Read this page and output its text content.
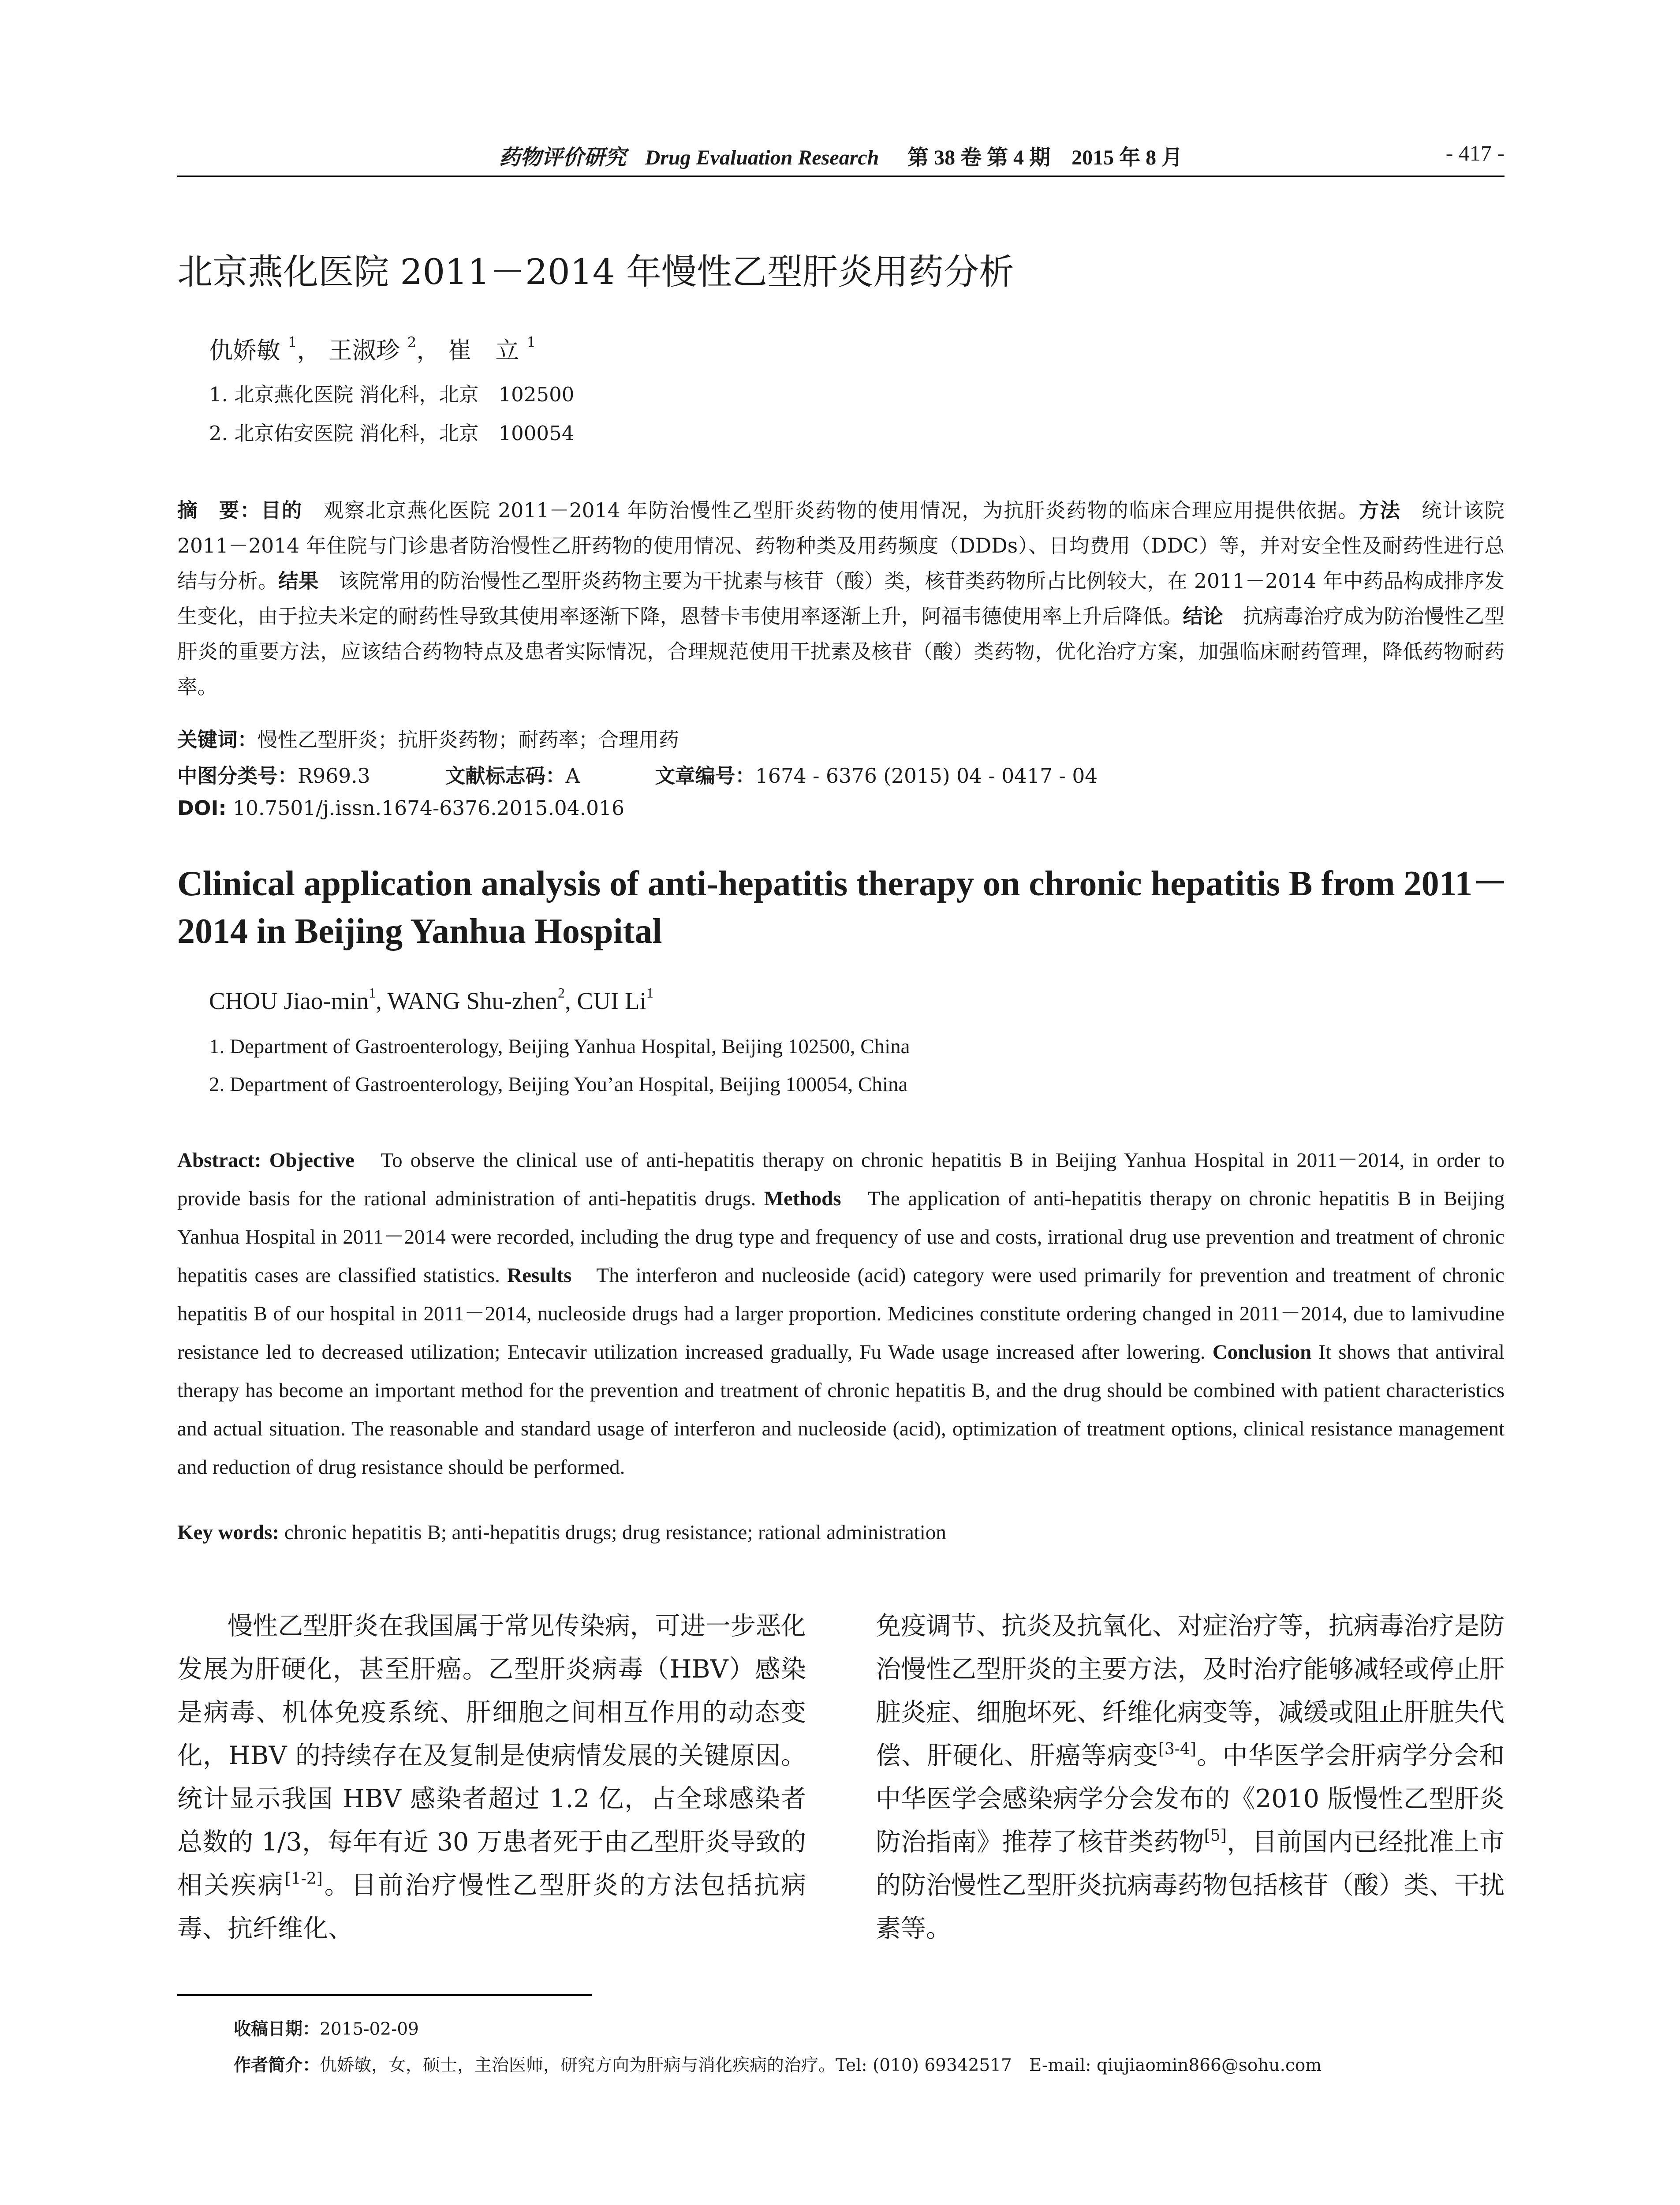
药物评价研究 Drug Evaluation Research 第 38 卷 第 4 期　2015 年 8 月	- 417 -
北京燕化医院 2011－2014 年慢性乙型肝炎用药分析
仇娇敏 $^1$， 王淑珍 $^2$， 崔　立 $^1$
1. 北京燕化医院 消化科，北京　102500
2. 北京佑安医院 消化科，北京　100054

摘　要：目的　观察北京燕化医院 2011－2014 年防治慢性乙型肝炎药物的使用情况，为抗肝炎药物的临床合理应用提供依据。方法　统计该院 2011－2014 年住院与门诊患者防治慢性乙肝药物的使用情况、药物种类及用药频度（DDDs）、日均费用（DDC）等，并对安全性及耐药性进行总结与分析。结果　该院常用的防治慢性乙型肝炎药物主要为干扰素与核苷（酸）类，核苷类药物所占比例较大，在 2011－2014 年中药品构成排序发生变化，由于拉夫米定的耐药性导致其使用率逐渐下降，恩替卡韦使用率逐渐上升，阿福韦德使用率上升后降低。结论　抗病毒治疗成为防治慢性乙型肝炎的重要方法，应该结合药物特点及患者实际情况，合理规范使用干扰素及核苷（酸）类药物，优化治疗方案，加强临床耐药管理，降低药物耐药率。

关键词：慢性乙型肝炎；抗肝炎药物；耐药率；合理用药
中图分类号：R969.3	文献标志码：A	文章编号：1674 - 6376 (2015) 04 - 0417 - 04
DOI: 10.7501/j.issn.1674-6376.2015.04.016

Clinical application analysis of anti-hepatitis therapy on chronic hepatitis B from 2011－2014 in Beijing Yanhua Hospital

CHOU Jiao-$\min^1$, WANG Shu-zhen$^2$, CUI Li$^1$
1. Department of Gastroenterology, Beijing Yanhua Hospital, Beijing 102500, China
2. Department of Gastroenterology, Beijing You’an Hospital, Beijing 100054, China

Abstract: Objective　To observe the clinical use of anti-hepatitis therapy on chronic hepatitis B in Beijing Yanhua Hospital in 2011－2014, in order to provide basis for the rational administration of anti-hepatitis drugs. Methods　The application of anti-hepatitis therapy on chronic hepatitis B in Beijing Yanhua Hospital in 2011－2014 were recorded, including the drug type and frequency of use and costs, irrational drug use prevention and treatment of chronic hepatitis cases are classified statistics. Results　The interferon and nucleoside (acid) category were used primarily for prevention and treatment of chronic hepatitis B of our hospital in 2011－2014, nucleoside drugs had a larger proportion. Medicines constitute ordering changed in 2011－2014, due to lamivudine resistance led to decreased utilization; Entecavir utilization increased gradually, Fu Wade usage increased after lowering. Conclusion It shows that antiviral therapy has become an important method for the prevention and treatment of chronic hepatitis B, and the drug should be combined with patient characteristics and actual situation. The reasonable and standard usage of interferon and nucleoside (acid), optimization of treatment options, clinical resistance management and reduction of drug resistance should be performed.

Key words: chronic hepatitis B; anti-hepatitis drugs; drug resistance; rational administration

慢性乙型肝炎在我国属于常见传染病，可进一步恶化发展为肝硬化，甚至肝癌。乙型肝炎病毒（HBV）感染是病毒、机体免疫系统、肝细胞之间相互作用的动态变化，HBV 的持续存在及复制是使病情发展的关键原因。统计显示我国 HBV 感染者超过 1.2 亿，占全球感染者总数的 1/3，每年有近 30 万患者死于由乙型肝炎导致的相关疾病[1-2]。目前治疗慢性乙型肝炎的方法包括抗病毒、抗纤维化、

免疫调节、抗炎及抗氧化、对症治疗等，抗病毒治疗是防治慢性乙型肝炎的主要方法，及时治疗能够减轻或停止肝脏炎症、细胞坏死、纤维化病变等，减缓或阻止肝脏失代偿、肝硬化、肝癌等病变[3-4]。中华医学会肝病学分会和中华医学会感染病学分会发布的《2010 版慢性乙型肝炎防治指南》推荐了核苷类药物[5]，目前国内已经批准上市的防治慢性乙型肝炎抗病毒药物包括核苷（酸）类、干扰素等。

收稿日期：2015-02-09
作者简介：仇娇敏，女，硕士，主治医师，研究方向为肝病与消化疾病的治疗。Tel: (010) 69342517　E-mail: qiujiaomin866@sohu.com
